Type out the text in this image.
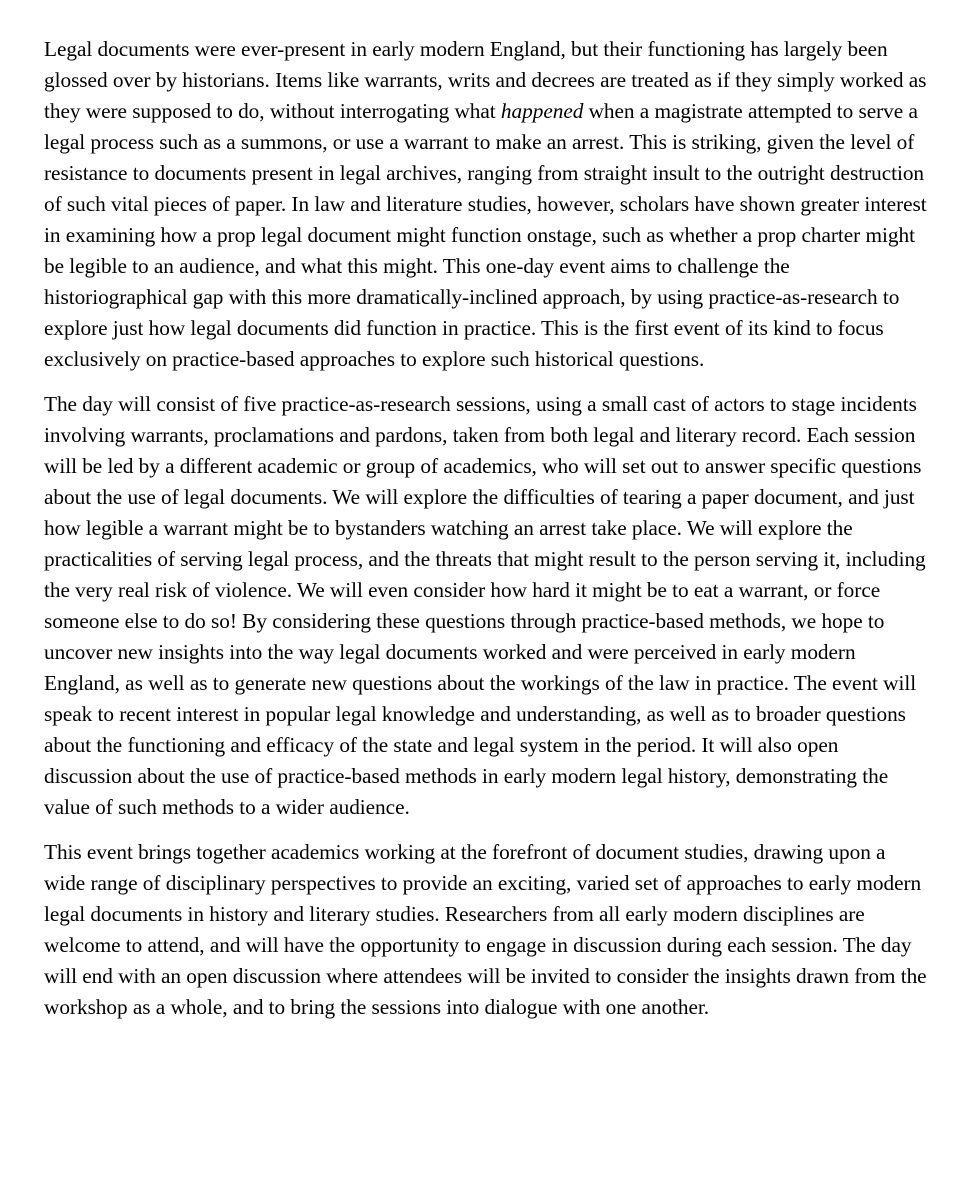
Legal documents were ever-present in early modern England, but their functioning has largely been glossed over by historians. Items like warrants, writs and decrees are treated as if they simply worked as they were supposed to do, without interrogating what happened when a magistrate attempted to serve a legal process such as a summons, or use a warrant to make an arrest. This is striking, given the level of resistance to documents present in legal archives, ranging from straight insult to the outright destruction of such vital pieces of paper. In law and literature studies, however, scholars have shown greater interest in examining how a prop legal document might function onstage, such as whether a prop charter might be legible to an audience, and what this might. This one-day event aims to challenge the historiographical gap with this more dramatically-inclined approach, by using practice-as-research to explore just how legal documents did function in practice. This is the first event of its kind to focus exclusively on practice-based approaches to explore such historical questions.

The day will consist of five practice-as-research sessions, using a small cast of actors to stage incidents involving warrants, proclamations and pardons, taken from both legal and literary record. Each session will be led by a different academic or group of academics, who will set out to answer specific questions about the use of legal documents. We will explore the difficulties of tearing a paper document, and just how legible a warrant might be to bystanders watching an arrest take place. We will explore the practicalities of serving legal process, and the threats that might result to the person serving it, including the very real risk of violence. We will even consider how hard it might be to eat a warrant, or force someone else to do so! By considering these questions through practice-based methods, we hope to uncover new insights into the way legal documents worked and were perceived in early modern England, as well as to generate new questions about the workings of the law in practice. The event will speak to recent interest in popular legal knowledge and understanding, as well as to broader questions about the functioning and efficacy of the state and legal system in the period. It will also open discussion about the use of practice-based methods in early modern legal history, demonstrating the value of such methods to a wider audience.

This event brings together academics working at the forefront of document studies, drawing upon a wide range of disciplinary perspectives to provide an exciting, varied set of approaches to early modern legal documents in history and literary studies. Researchers from all early modern disciplines are welcome to attend, and will have the opportunity to engage in discussion during each session. The day will end with an open discussion where attendees will be invited to consider the insights drawn from the workshop as a whole, and to bring the sessions into dialogue with one another.
